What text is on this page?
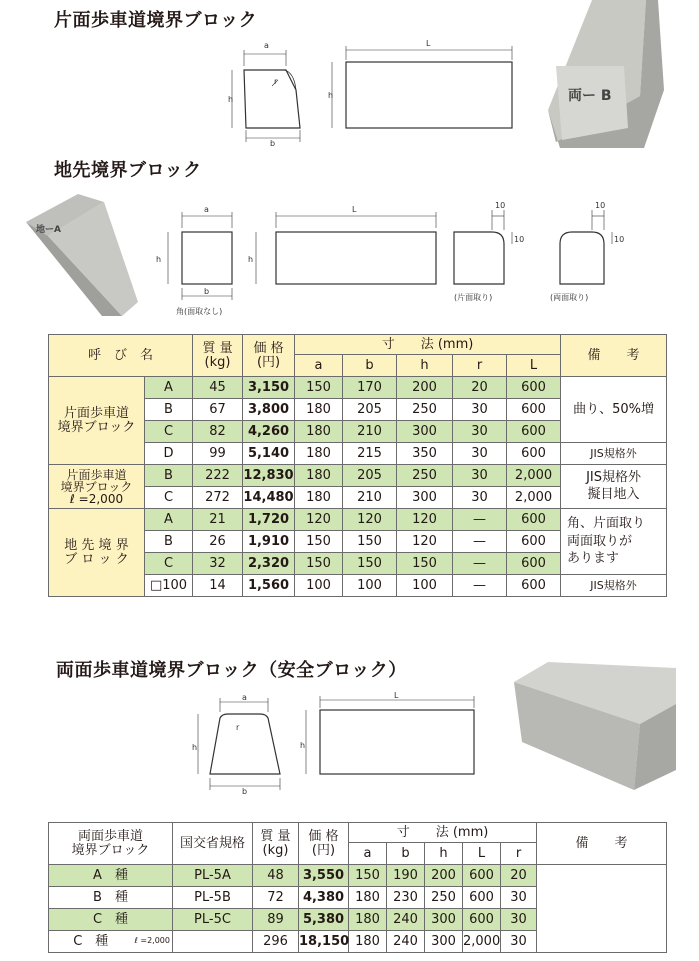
片面歩車道境界ブロック
a
h
b
r
L
h	両ー B
地先境界ブロック
地ーA
a
h
b
L
h
10
10
10
10
角(面取なし)
(片面取り)	(両面取り)
呼　び　名		質 量
(kg)	価 格
(円)	寸　　法 (mm)					備　　考
				a	b	h	r	L	
片面歩車道
境界ブロック	A	45	3,150	150	170	200	20	600	曲り、50%増
	B	67	3,800	180	205	250	30	600	
	C	82	4,260	180	210	300	30	600	
	D	99	5,140	180	215	350	30	600	JIS規格外
片面歩車道
境界ブロック
ℓ =2,000	B	222	12,830	180	205	250	30	2,000	JIS規格外
擬目地入
	C	272	14,480	180	210	300	30	2,000	
地 先 境 界
ブ ロ ッ ク	A	21	1,720	120	120	120	—	600	角、片面取り
両面取りが
あります
	B	26	1,910	150	150	120	—	600	
	C	32	2,320	150	150	150	—	600	
	□100	14	1,560	100	100	100	—	600	JIS規格外
両面歩車道境界ブロック（安全ブロック）
a
h
b
L
h
r
両面歩車道
境界ブロック		国交省規格	質 量
(kg)	価 格
(円)	寸　　法 (mm)					備　　考
					a	b	h	L	r	
A　種		PL-5A	48	3,550	150	190	200	600	20	
B　種		PL-5B	72	4,380	180	230	250	600	30	
C　種		PL-5C	89	5,380	180	240	300	600	30	
C　種	ℓ =2,000		296	18,150	180	240	300	2,000	30	
